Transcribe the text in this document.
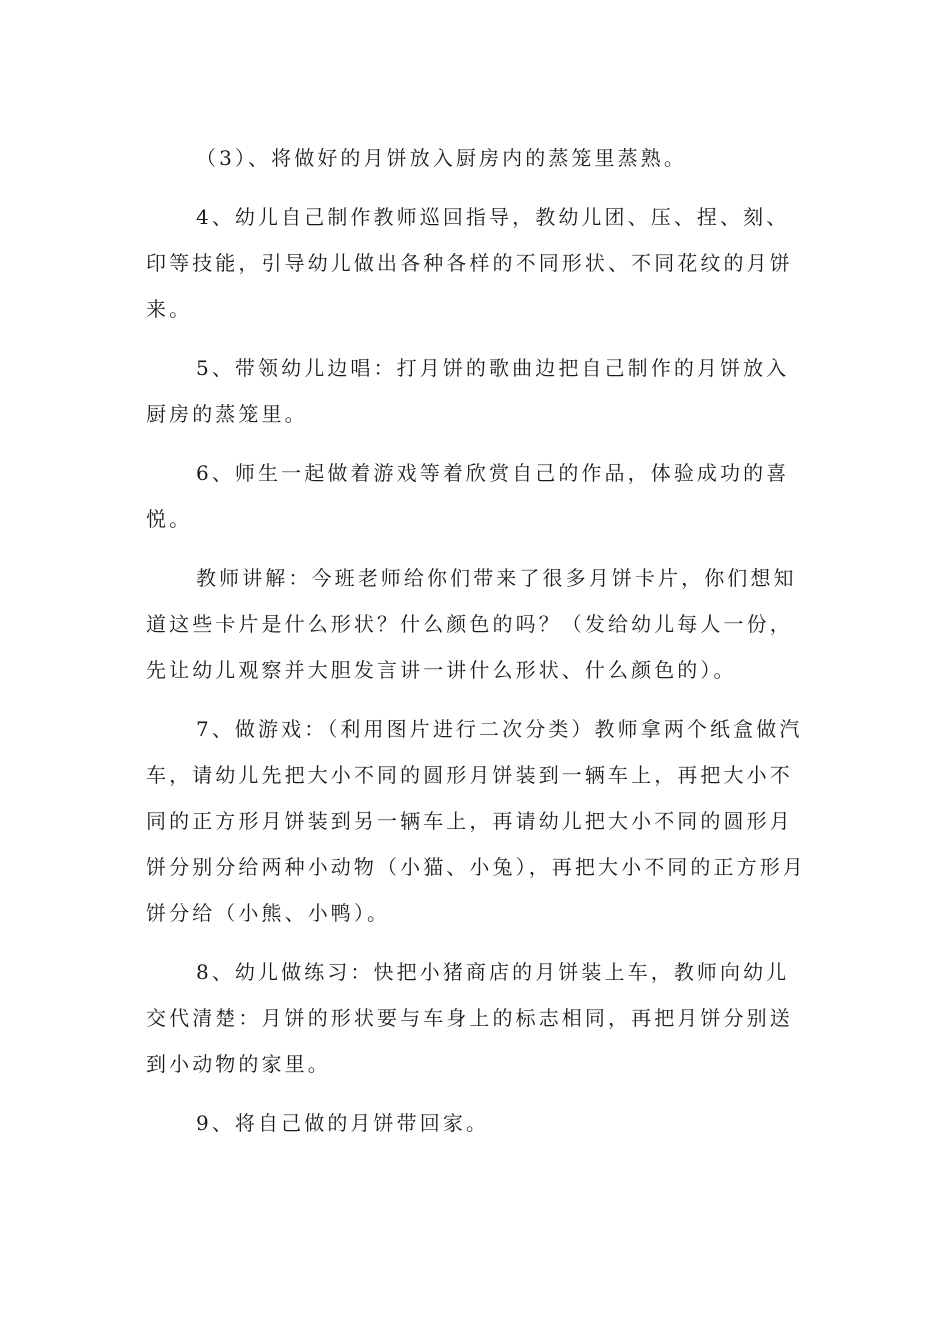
（3）、将做好的月饼放入厨房内的蒸笼里蒸熟。

4、幼儿自己制作教师巡回指导，教幼儿团、压、捏、刻、印等技能，引导幼儿做出各种各样的不同形状、不同花纹的月饼来。

5、带领幼儿边唱：打月饼的歌曲边把自己制作的月饼放入厨房的蒸笼里。

6、师生一起做着游戏等着欣赏自己的作品，体验成功的喜悦。

教师讲解：今班老师给你们带来了很多月饼卡片，你们想知道这些卡片是什么形状？什么颜色的吗？（发给幼儿每人一份，先让幼儿观察并大胆发言讲一讲什么形状、什么颜色的）。

7、做游戏：（利用图片进行二次分类）教师拿两个纸盒做汽车，请幼儿先把大小不同的圆形月饼装到一辆车上，再把大小不同的正方形月饼装到另一辆车上，再请幼儿把大小不同的圆形月饼分别分给两种小动物（小猫、小兔），再把大小不同的正方形月饼分给（小熊、小鸭）。

8、幼儿做练习：快把小猪商店的月饼装上车，教师向幼儿交代清楚：月饼的形状要与车身上的标志相同，再把月饼分别送到小动物的家里。

9、将自己做的月饼带回家。
